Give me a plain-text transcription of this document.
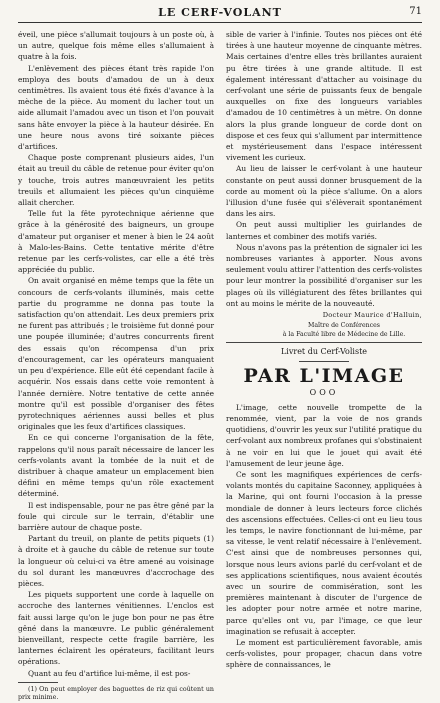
LE CERF-VOLANT	71

éveil, une pièce s'allumait toujours à un poste où, à un autre, quelque fois même elles s'allumaient à quatre à la fois.

L'enlèvement des pièces étant très rapide l'on employa des bouts d'amadou de un à deux centimètres. Ils avaient tous été fixés d'avance à la mèche de la pièce. Au moment du lacher tout un aide allumait l'amadou avec un tison et l'on pouvait sans hâte envoyer la pièce à la hauteur désirée. En une heure nous avons tiré soixante pièces d'artifices.

Chaque poste comprenant plusieurs aides, l'un était au treuil du câble de retenue pour éviter qu'on y touche, trois autres manœuvraient les petits treuils et allumaient les pièces qu'un cinquième allait chercher.

Telle fut la fête pyrotechnique aérienne que grâce à la générosité des baigneurs, un groupe d'amateur put organiser et mener à bien le 24 août à Malo-les-Bains. Cette tentative mérite d'être retenue par les cerfs-volistes, car elle a été très appréciée du public.

On avait organisé en même temps que la fête un concours de cerfs-volants illuminés, mais cette partie du programme ne donna pas toute la satisfaction qu'on attendait. Les deux premiers prix ne furent pas attribués ; le troisième fut donné pour une poupée illuminée; d'autres concurrents firent des essais qu'on récompensa d'un prix d'encouragement, car les opérateurs manquaient un peu d'expérience. Elle eût été cependant facile à acquérir. Nos essais dans cette voie remontent à l'année dernière. Notre tentative de cette année montre qu'il est possible d'organiser des fêtes pyrotechniques aériennes aussi belles et plus originales que les feux d'artifices classiques.

En ce qui concerne l'organisation de la fête, rappelons qu'il nous paraît nécessaire de lancer les cerfs-volants avant la tombée de la nuit et de distribuer à chaque amateur un emplacement bien défini en même temps qu'un rôle exactement déterminé.

Il est indispensable, pour ne pas être gêné par la foule qui circule sur le terrain, d'établir une barrière autour de chaque poste.

Partant du treuil, on plante de petits piquets (1) à droite et à gauche du câble de retenue sur toute la longueur où celui-ci va être amené au voisinage du sol durant les manœuvres d'accrochage des pièces.

Les piquets supportent une corde à laquelle on accroche des lanternes vénitiennes. L'enclos est fait aussi large qu'on le juge bon pour ne pas être gêné dans la manœuvre. Le public généralement bienveillant, respecte cette fragile barrière, les lanternes éclairent les opérateurs, facilitant leurs opérations.

Quant au feu d'artifice lui-même, il est pos-

(1) On peut employer des baguettes de riz qui coûtent un prix minime.

sible de varier à l'infinie. Toutes nos pièces ont été tirées à une hauteur moyenne de cinquante mètres. Mais certaines d'entre elles très brillantes auraient pu être tirées à une grande altitude. Il est également intéressant d'attacher au voisinage du cerf-volant une série de puissants feux de bengale auxquelles on fixe des longueurs variables d'amadou de 10 centimètres à un mètre. On donne alors la plus grande longueur de corde dont on dispose et ces feux qui s'allument par intermittence et mystérieusement dans l'espace intéressent vivement les curieux.

Au lieu de laisser le cerf-volant à une hauteur constante on peut aussi donner brusquement de la corde au moment où la pièce s'allume. On a alors l'illusion d'une fusée qui s'élèverait spontanément dans les airs.

On peut aussi multiplier les guirlandes de lanternes et combiner des motifs variés.

Nous n'avons pas la prétention de signaler ici les nombreuses variantes à apporter. Nous avons seulement voulu attirer l'attention des cerfs-volistes pour leur montrer la possibilité d'organiser sur les plages où ils villégiaturent des fêtes brillantes qui ont au moins le mérite de la nouveauté.

Docteur Maurice d'Halluin,
Maître de Conférences
à la Faculté libre de Médecine de Lille.
Livret du Cerf-Voliste
PAR L'IMAGE
OOO

L'image, cette nouvelle trompette de la renommée, vient, par la voie de nos grands quotidiens, d'ouvrir les yeux sur l'utilité pratique du cerf-volant aux nombreux profanes qui s'obstinaient à ne voir en lui que le jouet qui avait été l'amusement de leur jeune âge.

Ce sont les magnifiques expériences de cerfs-volants montés du capitaine Saconney, appliquées à la Marine, qui ont fourni l'occasion à la presse mondiale de donner à leurs lecteurs force clichés des ascensions effectuées. Celles-ci ont eu lieu tous les temps, le navire fonctionnant de lui-même, par sa vitesse, le vent relatif nécessaire à l'enlèvement. C'est ainsi que de nombreuses personnes qui, lorsque nous leurs avions parlé du cerf-volant et de ses applications scientifiques, nous avaient écoutés avec un sourire de commisération, sont les premières maintenant à discuter de l'urgence de les adopter pour notre armée et notre marine, parce qu'elles ont vu, par l'image, ce que leur imagination se refusait à accepter.

Le moment est particulièrement favorable, amis cerfs-volistes, pour propager, chacun dans votre sphère de connaissances, le
